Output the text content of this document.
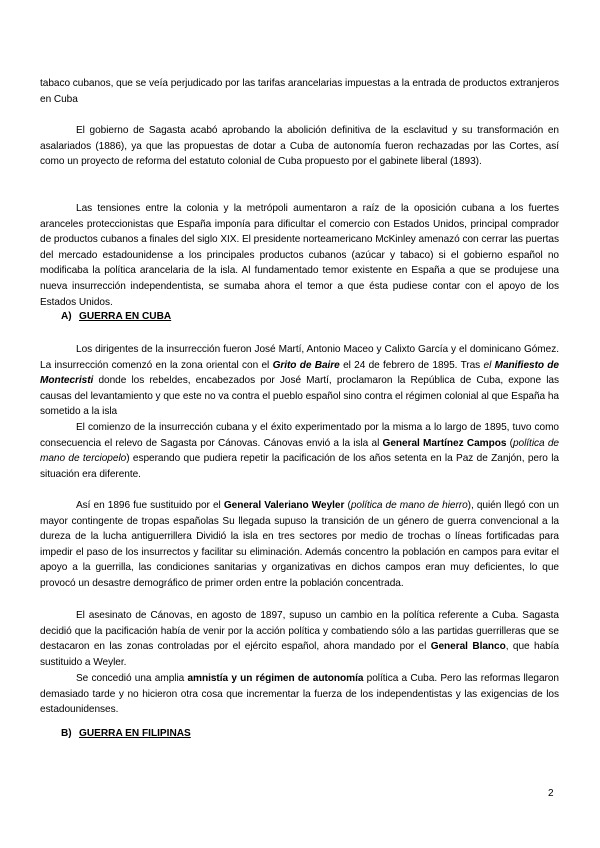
tabaco cubanos, que se veía perjudicado por las tarifas arancelarias impuestas a la entrada de productos extranjeros en Cuba

El gobierno de Sagasta acabó aprobando la abolición definitiva de la esclavitud y su transformación en asalariados (1886), ya que las propuestas de dotar a Cuba de autonomía fueron rechazadas por las Cortes, así como un proyecto de reforma del estatuto colonial de Cuba propuesto por el gabinete liberal (1893).

Las tensiones entre la colonia y la metrópoli aumentaron a raíz de la oposición cubana a los fuertes aranceles proteccionistas que España imponía para dificultar el comercio con Estados Unidos, principal comprador de productos cubanos a finales del siglo XIX. El presidente norteamericano McKinley amenazó con cerrar las puertas del mercado estadounidense a los principales productos cubanos (azúcar y tabaco) si el gobierno español no modificaba la política arancelaria de la isla. Al fundamentado temor existente en España a que se produjese una nueva insurrección independentista, se sumaba ahora el temor a que ésta pudiese contar con el apoyo de los Estados Unidos.

A) GUERRA EN CUBA

Los dirigentes de la insurrección fueron José Martí, Antonio Maceo y Calixto García y el dominicano Gómez. La insurrección comenzó en la zona oriental con el Grito de Baire el 24 de febrero de 1895. Tras el Manifiesto de Montecristi donde los rebeldes, encabezados por José Martí, proclamaron la República de Cuba, expone las causas del levantamiento y que este no va contra el pueblo español sino contra el régimen colonial al que España ha sometido a la isla

El comienzo de la insurrección cubana y el éxito experimentado por la misma a lo largo de 1895, tuvo como consecuencia el relevo de Sagasta por Cánovas. Cánovas envió a la isla al General Martínez Campos (política de mano de terciopelo) esperando que pudiera repetir la pacificación de los años setenta en la Paz de Zanjón, pero la situación era diferente.

Así en 1896 fue sustituido por el General Valeriano Weyler (política de mano de hierro), quién llegó con un mayor contingente de tropas españolas Su llegada supuso la transición de un género de guerra convencional a la dureza de la lucha antiguerrillera Dividió la isla en tres sectores por medio de trochas o líneas fortificadas para impedir el paso de los insurrectos y facilitar su eliminación. Además concentro la población en campos para evitar el apoyo a la guerrilla, las condiciones sanitarias y organizativas en dichos campos eran muy deficientes, lo que provocó un desastre demográfico de primer orden entre la población concentrada.

El asesinato de Cánovas, en agosto de 1897, supuso un cambio en la política referente a Cuba. Sagasta decidió que la pacificación había de venir por la acción política y combatiendo sólo a las partidas guerrilleras que se destacaron en las zonas controladas por el ejército español, ahora mandado por el General Blanco, que había sustituido a Weyler.

Se concedió una amplia amnistía y un régimen de autonomía política a Cuba. Pero las reformas llegaron demasiado tarde y no hicieron otra cosa que incrementar la fuerza de los independentistas y las exigencias de los estadounidenses.

B) GUERRA EN FILIPINAS

2
